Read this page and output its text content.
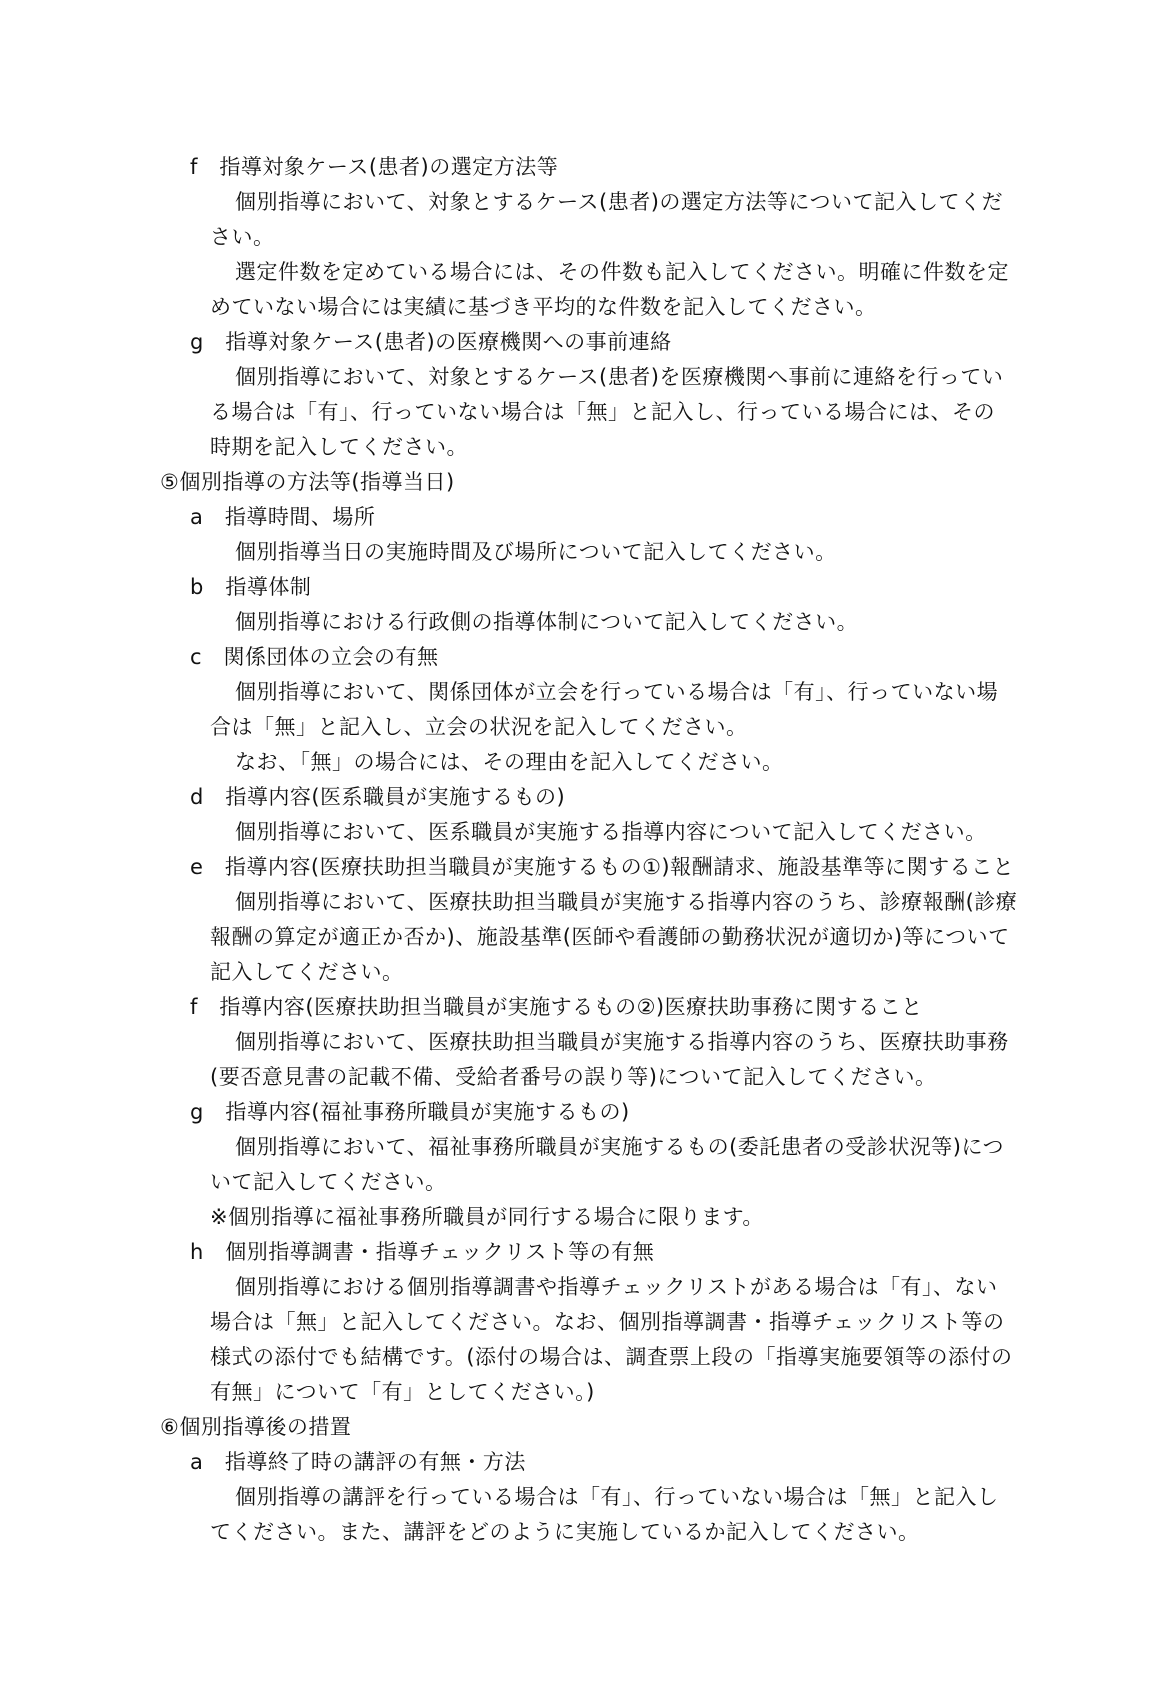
f　指導対象ケース(患者)の選定方法等
個別指導において、対象とするケース(患者)の選定方法等について記入してくだ
さい。
選定件数を定めている場合には、その件数も記入してください。明確に件数を定
めていない場合には実績に基づき平均的な件数を記入してください。
g　指導対象ケース(患者)の医療機関への事前連絡
個別指導において、対象とするケース(患者)を医療機関へ事前に連絡を行ってい
る場合は「有」、行っていない場合は「無」と記入し、行っている場合には、その
時期を記入してください。
⑤個別指導の方法等(指導当日)
a　指導時間、場所
個別指導当日の実施時間及び場所について記入してください。
b　指導体制
個別指導における行政側の指導体制について記入してください。
c　関係団体の立会の有無
個別指導において、関係団体が立会を行っている場合は「有」、行っていない場
合は「無」と記入し、立会の状況を記入してください。
なお、「無」の場合には、その理由を記入してください。
d　指導内容(医系職員が実施するもの)
個別指導において、医系職員が実施する指導内容について記入してください。
e　指導内容(医療扶助担当職員が実施するもの①)報酬請求、施設基準等に関すること
個別指導において、医療扶助担当職員が実施する指導内容のうち、診療報酬(診療
報酬の算定が適正か否か)、施設基準(医師や看護師の勤務状況が適切か)等について
記入してください。
f　指導内容(医療扶助担当職員が実施するもの②)医療扶助事務に関すること
個別指導において、医療扶助担当職員が実施する指導内容のうち、医療扶助事務
(要否意見書の記載不備、受給者番号の誤り等)について記入してください。
g　指導内容(福祉事務所職員が実施するもの)
個別指導において、福祉事務所職員が実施するもの(委託患者の受診状況等)につ
いて記入してください。
※個別指導に福祉事務所職員が同行する場合に限ります。
h　個別指導調書・指導チェックリスト等の有無
個別指導における個別指導調書や指導チェックリストがある場合は「有」、ない
場合は「無」と記入してください。なお、個別指導調書・指導チェックリスト等の
様式の添付でも結構です。(添付の場合は、調査票上段の「指導実施要領等の添付の
有無」について「有」としてください。)
⑥個別指導後の措置
a　指導終了時の講評の有無・方法
個別指導の講評を行っている場合は「有」、行っていない場合は「無」と記入し
てください。また、講評をどのように実施しているか記入してください。
